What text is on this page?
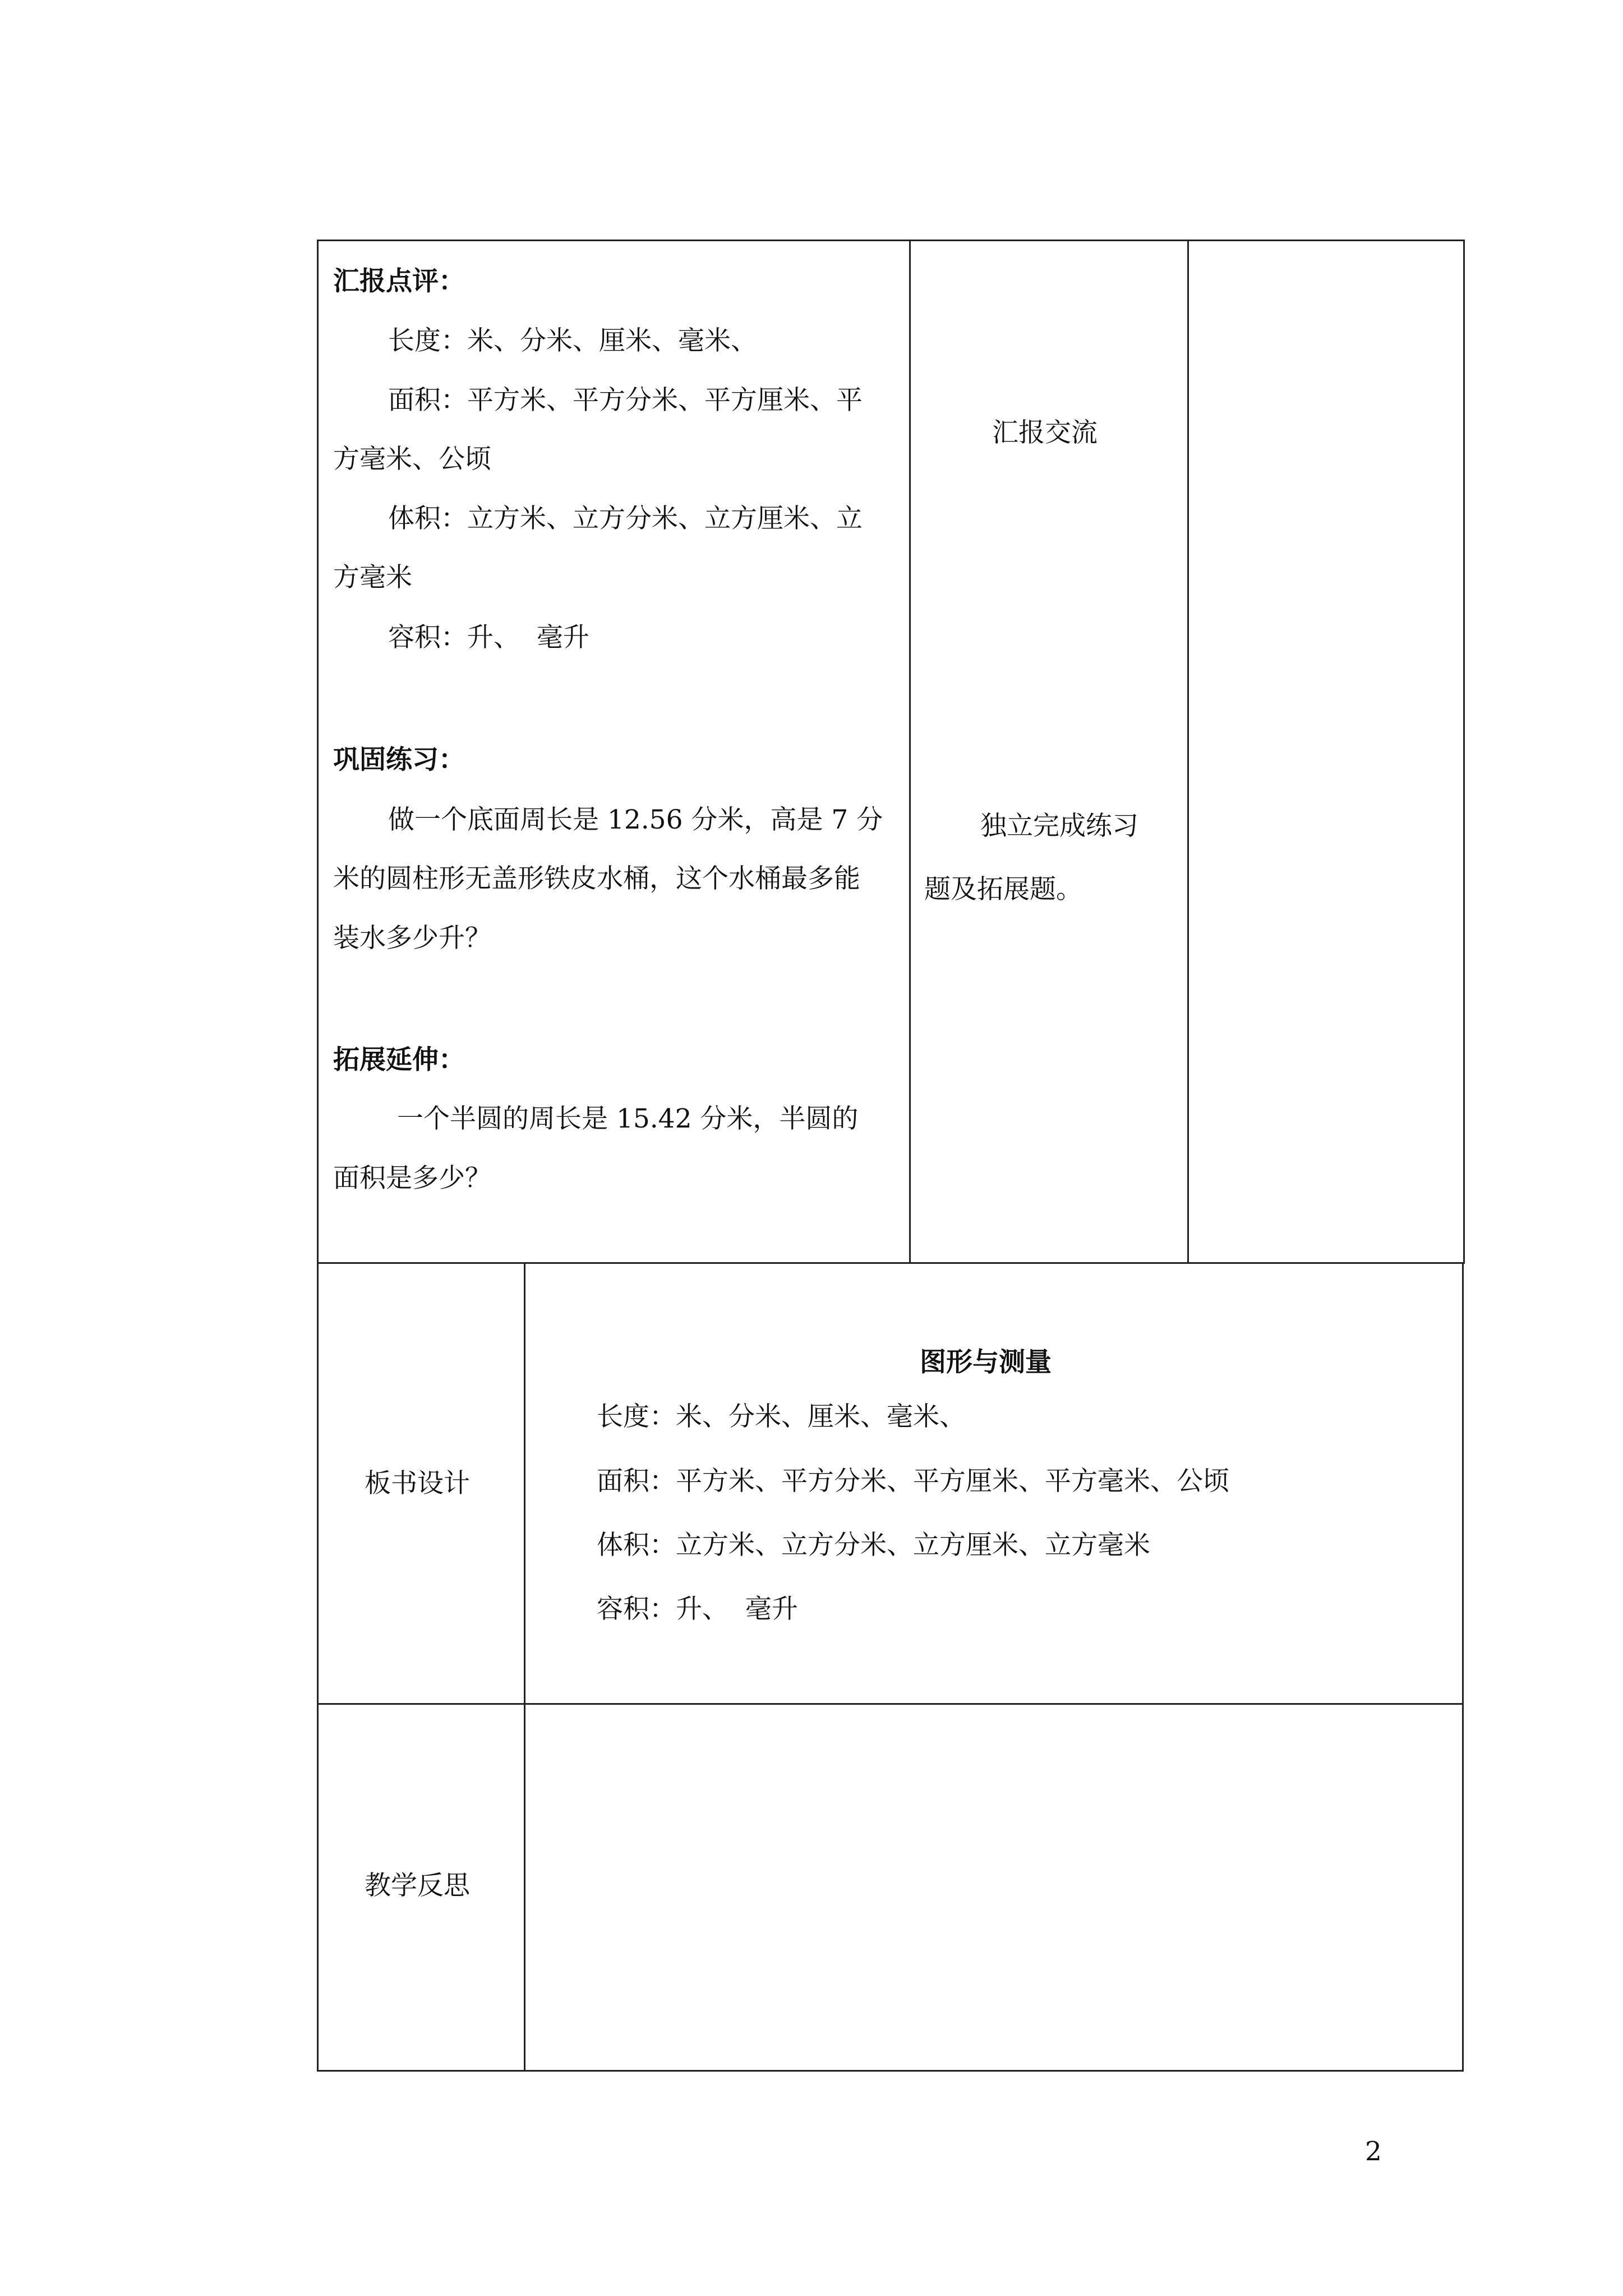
汇报点评：
长度：米、分米、厘米、毫米、
面积：平方米、平方分米、平方厘米、平
方毫米、公顷
体积：立方米、立方分米、立方厘米、立
方毫米
容积：升、  毫升
巩固练习：
做一个底面周长是 12.56 分米，高是 7 分
米的圆柱形无盖形铁皮水桶，这个水桶最多能
装水多少升？
拓展延伸：
一个半圆的周长是 15.42 分米，半圆的
面积是多少？
汇报交流
独立完成练习
题及拓展题。
板书设计
图形与测量
长度：米、分米、厘米、毫米、
面积：平方米、平方分米、平方厘米、平方毫米、公顷
体积：立方米、立方分米、立方厘米、立方毫米
容积：升、  毫升
教学反思
2
